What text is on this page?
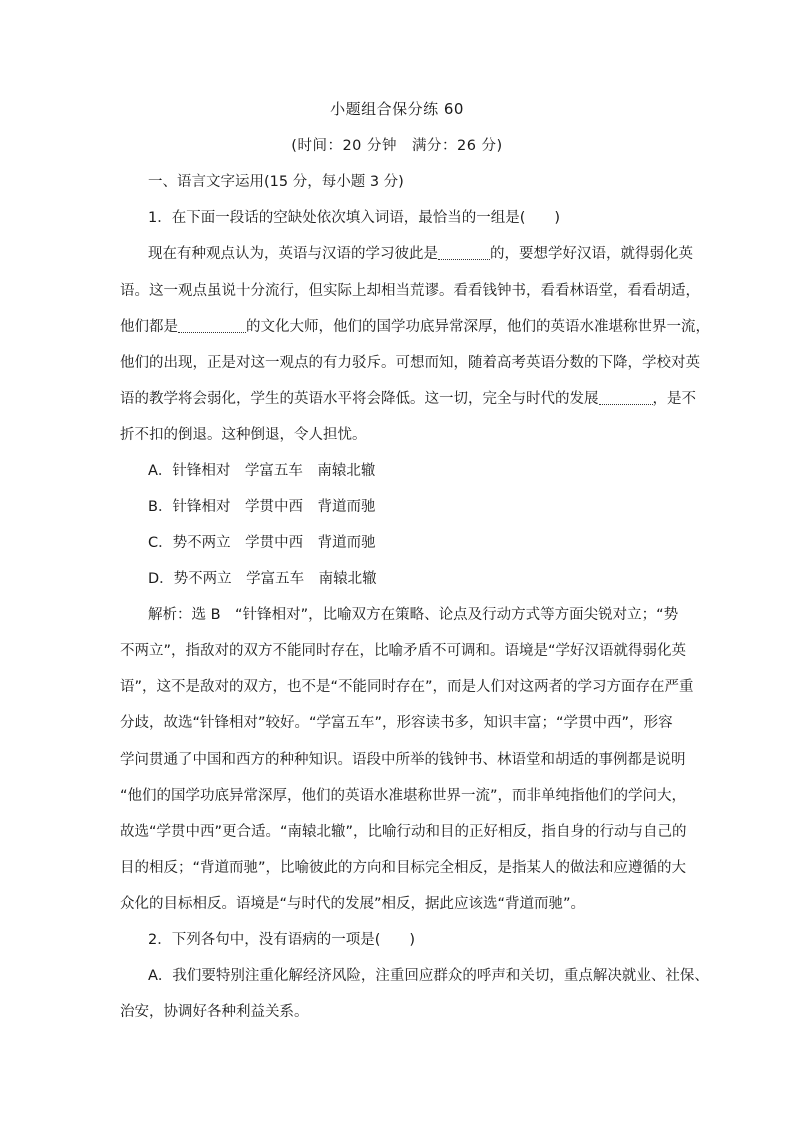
小题组合保分练 60
(时间：20 分钟　满分：26 分)
一、语言文字运用(15 分，每小题 3 分)
1．在下面一段话的空缺处依次填入词语，最恰当的一组是(　　)
现在有种观点认为，英语与汉语的学习彼此是	的，要想学好汉语，就得弱化英
语。这一观点虽说十分流行，但实际上却相当荒谬。看看钱钟书，看看林语堂，看看胡适，
他们都是	的文化大师，他们的国学功底异常深厚，他们的英语水准堪称世界一流，
他们的出现，正是对这一观点的有力驳斥。可想而知，随着高考英语分数的下降，学校对英
语的教学将会弱化，学生的英语水平将会降低。这一切，完全与时代的发展	，是不
折不扣的倒退。这种倒退，令人担忧。
A．针锋相对　学富五车　南辕北辙
B．针锋相对　学贯中西　背道而驰
C．势不两立　学贯中西　背道而驰
D．势不两立　学富五车　南辕北辙
解析：选 B　“针锋相对”，比喻双方在策略、论点及行动方式等方面尖锐对立；“势
不两立”，指敌对的双方不能同时存在，比喻矛盾不可调和。语境是“学好汉语就得弱化英
语”，这不是敌对的双方，也不是“不能同时存在”，而是人们对这两者的学习方面存在严重
分歧，故选“针锋相对”较好。“学富五车”，形容读书多，知识丰富；“学贯中西”，形容
学问贯通了中国和西方的种种知识。语段中所举的钱钟书、林语堂和胡适的事例都是说明
“他们的国学功底异常深厚，他们的英语水准堪称世界一流”，而非单纯指他们的学问大，
故选“学贯中西”更合适。“南辕北辙”，比喻行动和目的正好相反，指自身的行动与自己的
目的相反；“背道而驰”，比喻彼此的方向和目标完全相反，是指某人的做法和应遵循的大
众化的目标相反。语境是“与时代的发展”相反，据此应该选“背道而驰”。
2．下列各句中，没有语病的一项是(　　)
A．我们要特别注重化解经济风险，注重回应群众的呼声和关切，重点解决就业、社保、
治安，协调好各种利益关系。
